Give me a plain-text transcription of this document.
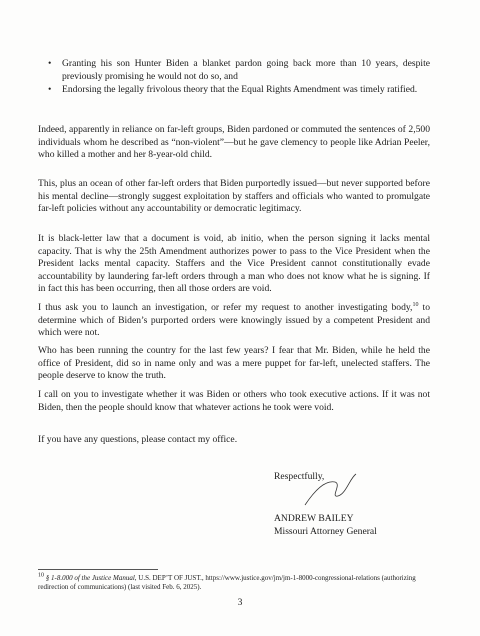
• Granting his son Hunter Biden a blanket pardon going back more than 10 years, despite previously promising he would not do so, and
• Endorsing the legally frivolous theory that the Equal Rights Amendment was timely ratified.

Indeed, apparently in reliance on far-left groups, Biden pardoned or commuted the sentences of 2,500 individuals whom he described as “non-violent”—but he gave clemency to people like Adrian Peeler, who killed a mother and her 8-year-old child.

This, plus an ocean of other far-left orders that Biden purportedly issued—but never supported before his mental decline—strongly suggest exploitation by staffers and officials who wanted to promulgate far-left policies without any accountability or democratic legitimacy.

It is black-letter law that a document is void, ab initio, when the person signing it lacks mental capacity. That is why the 25th Amendment authorizes power to pass to the Vice President when the President lacks mental capacity. Staffers and the Vice President cannot constitutionally evade accountability by laundering far-left orders through a man who does not know what he is signing. If in fact this has been occurring, then all those orders are void.

I thus ask you to launch an investigation, or refer my request to another investigating body,$^{10}$ to determine which of Biden’s purported orders were knowingly issued by a competent President and which were not.

Who has been running the country for the last few years? I fear that Mr. Biden, while he held the office of President, did so in name only and was a mere puppet for far-left, unelected staffers. The people deserve to know the truth.

I call on you to investigate whether it was Biden or others who took executive actions. If it was not Biden, then the people should know that whatever actions he took were void.

If you have any questions, please contact my office.

Respectfully,
ANDREW BAILEY
Missouri Attorney General
$^{10}$ § 1-8.000 of the Justice Manual, U.S. DEP’T OF JUST., https://www.justice.gov/jm/jm-1-8000-congressional-relations (authorizing redirection of communications) (last visited Feb. 6, 2025).
3
